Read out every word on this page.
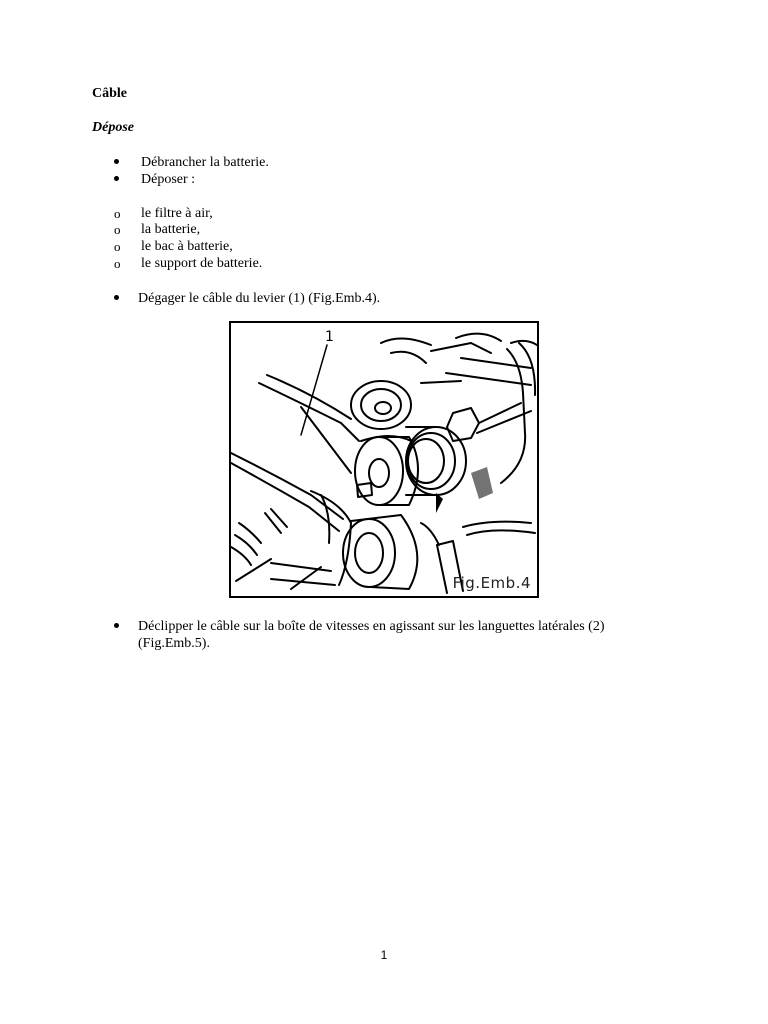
Câble
Dépose
Débrancher la batterie.
Déposer :
o le filtre à air,
o la batterie,
o le bac à batterie,
o le support de batterie.
Dégager le câble du levier (1) (Fig.Emb.4).
1
Fig.Emb.4
Déclipper le câble sur la boîte de vitesses en agissant sur les languettes latérales (2)
(Fig.Emb.5).
1
